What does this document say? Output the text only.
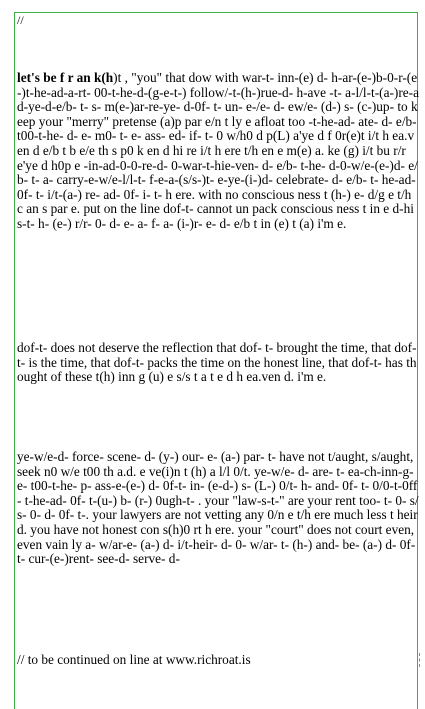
//
let's be f r an k(h)t , "you" that dow with war-t- inn-(e) d- h-ar-(e-)b-0-r-(e-)t-he-ad-a-rt- 00-t-he-d-(g-e-t-) follow/-t-(h-)rue-d- h-ave -t- a-l/l-t-(a-)re-ad-ye-d-e/b- t- s- m(e-)ar-re-ye- d-0f- t- un- e-/e- d- ew/e- (d-) s- (c-)up- to keep your "merry" pretense (a)p par e/n t ly e afloat too -t-he-ad- ate- d- e/b- t00-t-he- d- e- m0- t- e- ass- ed- if- t- 0 w/h0 d p(L) a'ye d f 0r(e)t i/t h ea.ven d e/b t b e/e th s p0 k en d hi re i/t h ere t/h en e m(e) a. ke (g) i/t bu r/r e'ye d h0p e -in-ad-0-0-re-d- 0-war-t-hie-ven- d- e/b- t-he- d-0-w/e-(e-)d- e/b- t- a- carry-e-w/e-l/l-t- f-e-a-(s/s-)t- e-ye-(i-)d- celebrate- d- e/b- t- he-ad- 0f- t- i/t-(a-) re- ad- 0f- i- t- h ere. with no conscious ness t (h-) e- d/g e t/h c an s par e. put on the line dof-t- cannot un pack conscious ness t in e d-his-t- h- (e-) r/r- 0- d- e- a- f- a- (i-)r- e- d- e/b t in (e) t (a) i'm e.
dof-t- does not deserve the reflection that dof- t- brought the time, that dof-t- is the time, that dof-t- packs the time on the honest line, that dof-t- has thought of these t(h) inn g (u) e s/s t a t e d h ea.ven d. i'm e.
ye-w/e-d- force- scene- d- (y-) our- e- (a-) par- t- have not t/aught, s/aught, seek n0 w/e t00 th a.d. e ve(i)n t (h) a l/l 0/t. ye-w/e- d- are- t- ea-ch-inn-g-e- t00-t-he- p- ass-e-(e-) d- 0f-t- in- (e-d-) s- (L-) 0/t- h- and- 0f- t- 0/0-t-0ff- t-he-ad- 0f- t-(u-) b- (r-) 0ugh-t- . your "law-s-t-" are your rent too- t- 0- s/s- 0- d- 0f- t-. your lawyers are not vetting any 0/n e t/h ere much less t heir d. you have not honest con s(h)0 rt h ere. your "court" does not court even, even vain ly a- w/ar-e- (a-) d- i/t-heir- d- 0- w/ar- t- (h-) and- be- (a-) d- 0f- t- cur-(e-)rent- see-d- serve- d-
// to be continued on line at www.richroat.is
